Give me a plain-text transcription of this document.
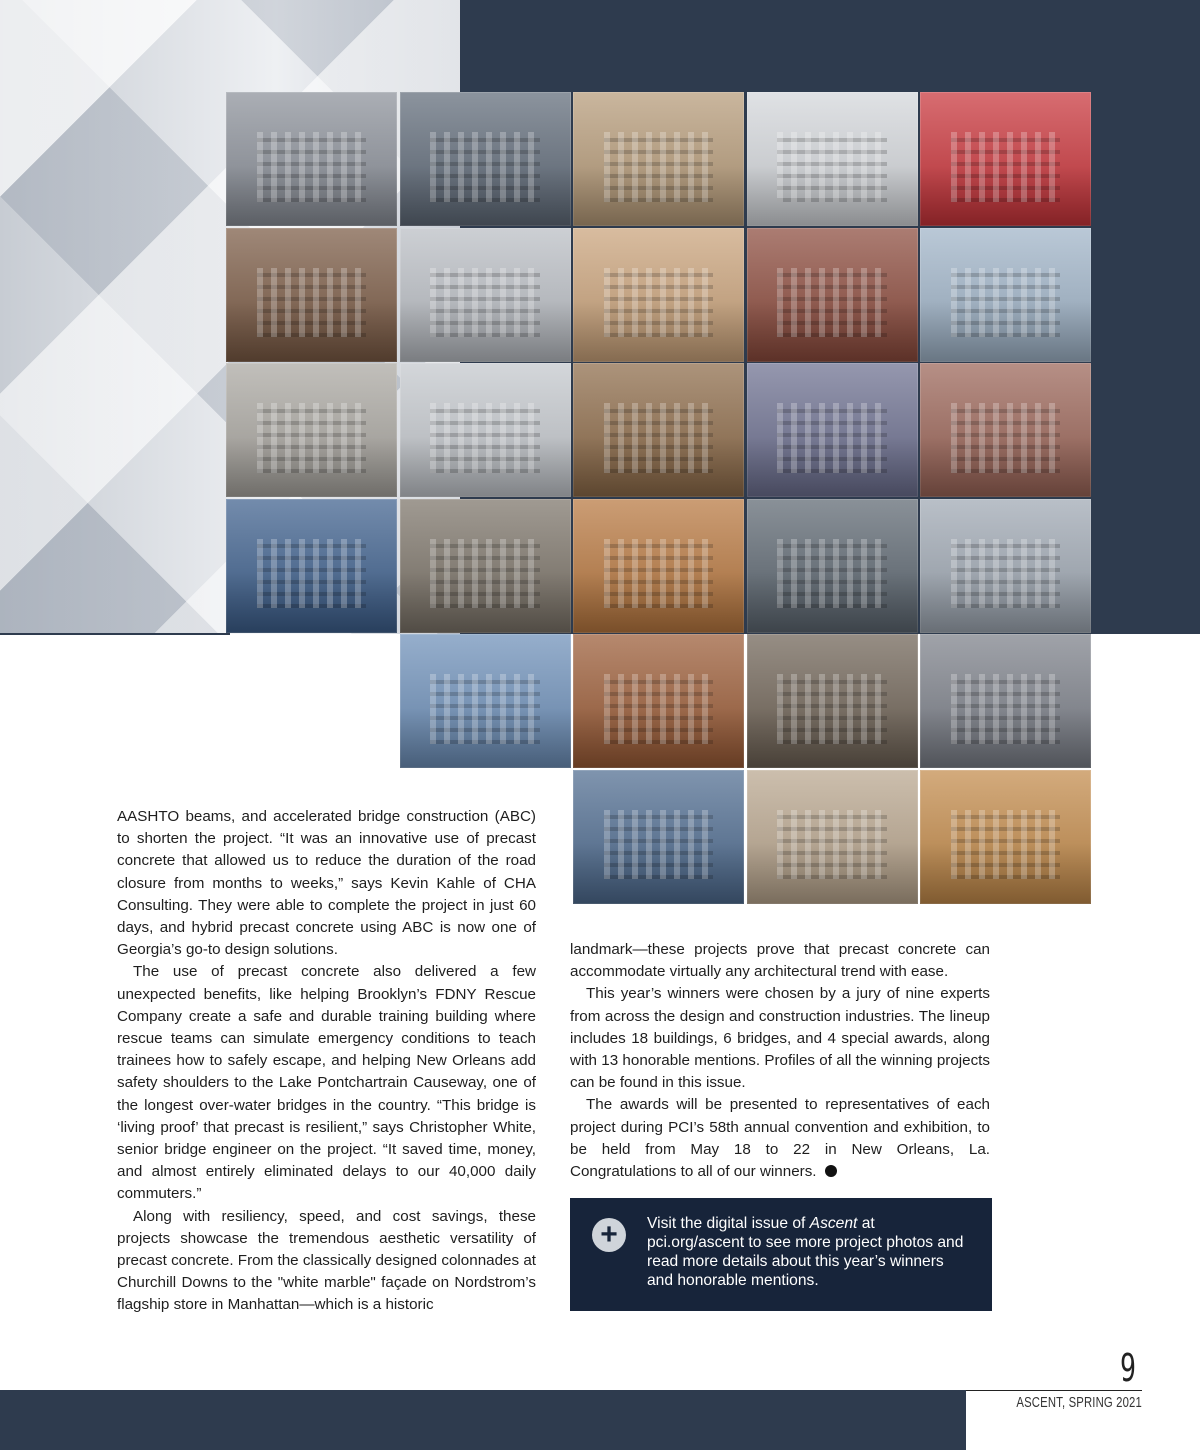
AASHTO beams, and accelerated bridge construction (ABC) to shorten the project. “It was an innovative use of precast concrete that allowed us to reduce the duration of the road closure from months to weeks,” says Kevin Kahle of CHA Consulting. They were able to complete the project in just 60 days, and hybrid precast concrete using ABC is now one of Georgia’s go-to design solutions.

The use of precast concrete also delivered a few unexpected benefits, like helping Brooklyn’s FDNY Rescue Company create a safe and durable training building where rescue teams can simulate emergency conditions to teach trainees how to safely escape, and helping New Orleans add safety shoulders to the Lake Pontchartrain Causeway, one of the longest over-water bridges in the country. “This bridge is ‘living proof’ that precast is resilient,” says Christopher White, senior bridge engineer on the project. “It saved time, money, and almost entirely eliminated delays to our 40,000 daily commuters.”

Along with resiliency, speed, and cost savings, these projects showcase the tremendous aesthetic versatility of precast concrete. From the classically designed colonnades at Churchill Downs to the "white marble" façade on Nordstrom’s flagship store in Manhattan—which is a historic

landmark—these projects prove that precast concrete can accommodate virtually any architectural trend with ease.

This year’s winners were chosen by a jury of nine experts from across the design and construction industries. The lineup includes 18 buildings, 6 bridges, and 4 special awards, along with 13 honorable mentions. Profiles of all the winning projects can be found in this issue.

The awards will be presented to representatives of each project during PCI’s 58th annual convention and exhibition, to be held from May 18 to 22 in New Orleans, La. Congratulations to all of our winners.

+	Visit the digital issue of Ascent at pci.org/ascent to see more project photos and read more details about this year’s winners and honorable mentions.
9
ASCENT, SPRING 2021
